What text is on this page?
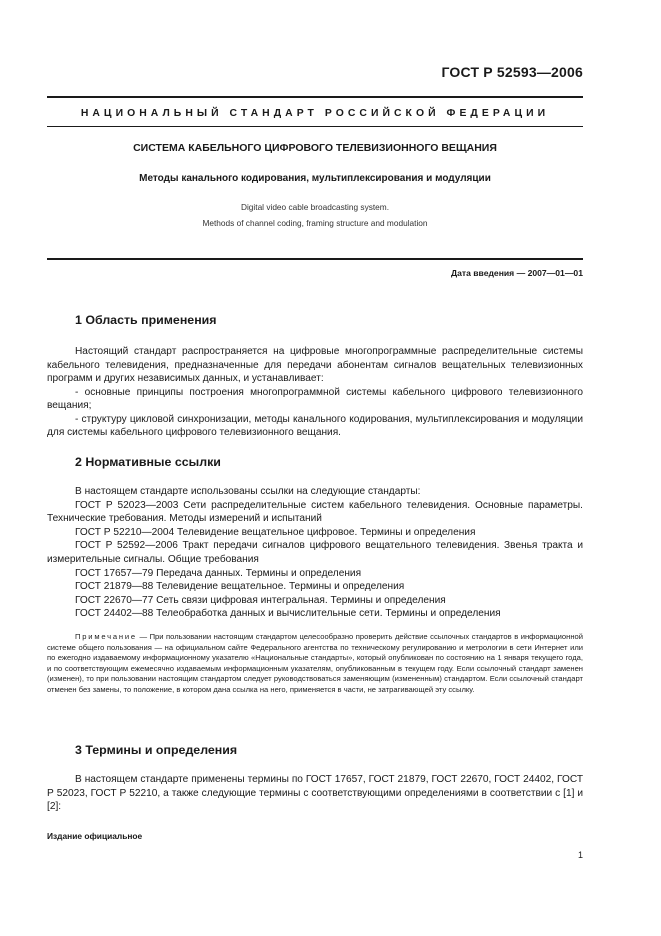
ГОСТ Р 52593—2006
НАЦИОНАЛЬНЫЙ СТАНДАРТ РОССИЙСКОЙ ФЕДЕРАЦИИ
СИСТЕМА КАБЕЛЬНОГО ЦИФРОВОГО ТЕЛЕВИЗИОННОГО ВЕЩАНИЯ
Методы канального кодирования, мультиплексирования и модуляции
Digital video cable broadcasting system.
Methods of channel coding, framing structure and modulation
Дата введения — 2007—01—01
1 Область применения
Настоящий стандарт распространяется на цифровые многопрограммные распределительные системы кабельного телевидения, предназначенные для передачи абонентам сигналов вещательных телевизионных программ и других независимых данных, и устанавливает:
- основные принципы построения многопрограммной системы кабельного цифрового телевизионного вещания;
- структуру цикловой синхронизации, методы канального кодирования, мультиплексирования и модуляции для системы кабельного цифрового телевизионного вещания.
2 Нормативные ссылки
В настоящем стандарте использованы ссылки на следующие стандарты:
ГОСТ Р 52023—2003 Сети распределительные систем кабельного телевидения. Основные параметры. Технические требования. Методы измерений и испытаний
ГОСТ Р 52210—2004 Телевидение вещательное цифровое. Термины и определения
ГОСТ Р 52592—2006 Тракт передачи сигналов цифрового вещательного телевидения. Звенья тракта и измерительные сигналы. Общие требования
ГОСТ 17657—79 Передача данных. Термины и определения
ГОСТ 21879—88 Телевидение вещательное. Термины и определения
ГОСТ 22670—77 Сеть связи цифровая интегральная. Термины и определения
ГОСТ 24402—88 Телеобработка данных и вычислительные сети. Термины и определения
Примечание — При пользовании настоящим стандартом целесообразно проверить действие ссылочных стандартов в информационной системе общего пользования — на официальном сайте Федерального агентства по техническому регулированию и метрологии в сети Интернет или по ежегодно издаваемому информационному указателю «Национальные стандарты», который опубликован по состоянию на 1 января текущего года, и по соответствующим ежемесячно издаваемым информационным указателям, опубликованным в текущем году. Если ссылочный стандарт заменен (изменен), то при пользовании настоящим стандартом следует руководствоваться заменяющим (измененным) стандартом. Если ссылочный стандарт отменен без замены, то положение, в котором дана ссылка на него, применяется в части, не затрагивающей эту ссылку.
3 Термины и определения
В настоящем стандарте применены термины по ГОСТ 17657, ГОСТ 21879, ГОСТ 22670, ГОСТ 24402, ГОСТ Р 52023, ГОСТ Р 52210, а также следующие термины с соответствующими определениями в соответствии с [1] и [2]:
Издание официальное
1
